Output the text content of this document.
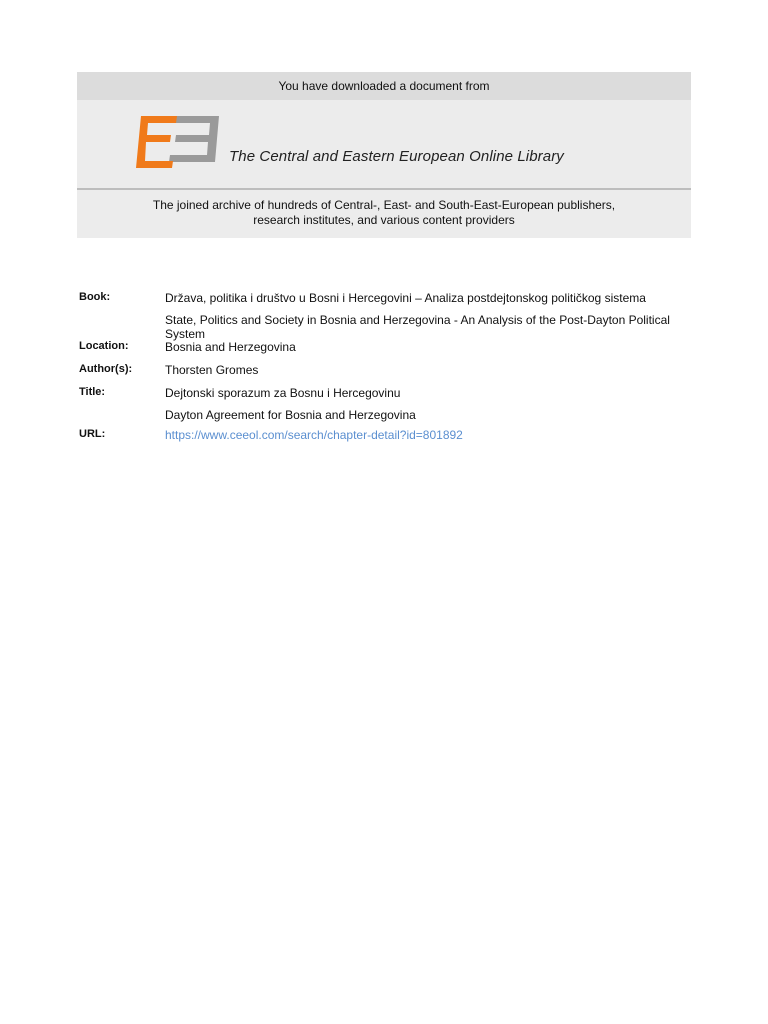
You have downloaded a document from
The Central and Eastern European Online Library
The joined archive of hundreds of Central-, East- and South-East-European publishers,
research institutes, and various content providers
Book:	Država, politika i društvo u Bosni i Hercegovini – Analiza postdejtonskog političkog sistema
State, Politics and Society in Bosnia and Herzegovina - An Analysis of the Post-Dayton Political System
Location:	Bosnia and Herzegovina
Author(s):	Thorsten Gromes
Title:	Dejtonski sporazum za Bosnu i Hercegovinu
Dayton Agreement for Bosnia and Herzegovina
URL:	https://www.ceeol.com/search/chapter-detail?id=801892
